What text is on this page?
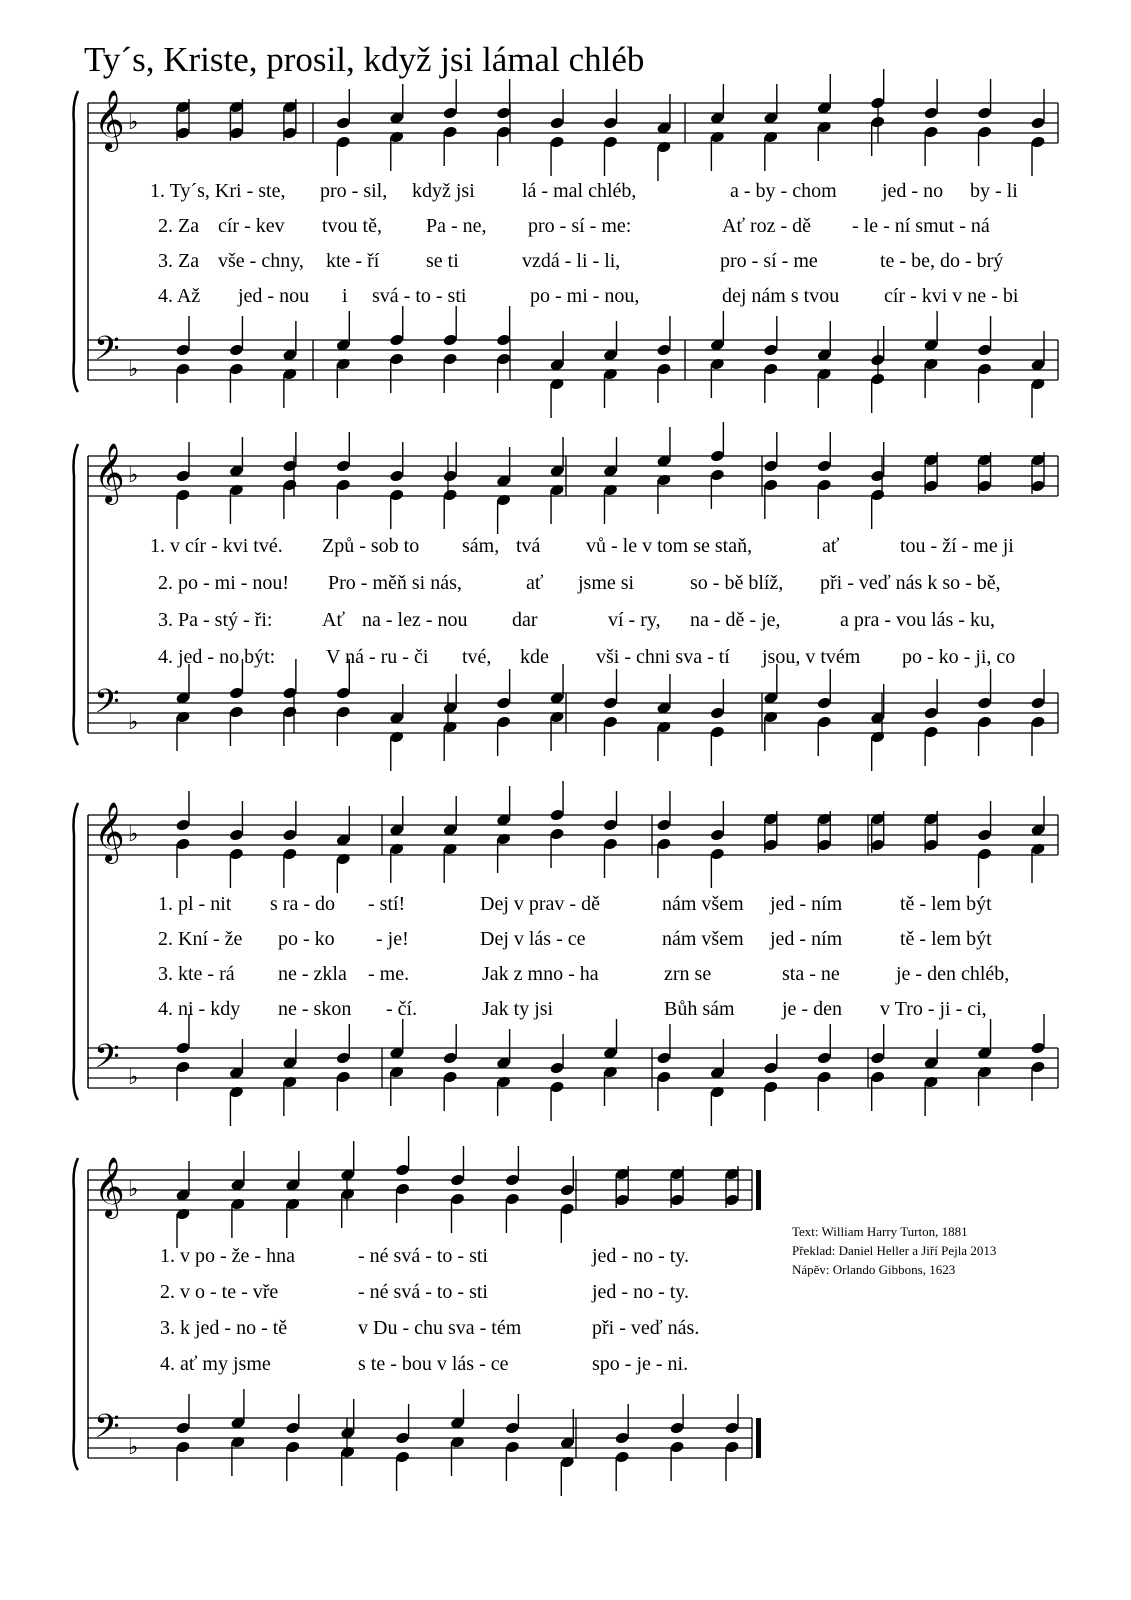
𝄞 ♭
𝄢 ♭
𝄞 ♭
𝄢 ♭
𝄞 ♭
𝄢 ♭
𝄞 ♭
𝄢 ♭
Ty´s, Kriste, prosil, když jsi lámal chléb
1. Ty´s, Kri - ste, pro - sil, když jsi lá - mal chléb,	a - by - chom jed - no by - li
2. Za cír - kev tvou tě, Pa - ne, pro - sí - me:	Ať roz - dě - le - ní smut - ná
3. Za vše - chny, kte - ří se ti	vzdá - li - li,	pro - sí - me	te - be, do - brý
4. Až jed - nou i svá - to - sti	po - mi - nou,	dej nám s tvou cír - kvi v ne - bi
1. v cír - kvi tvé. Způ - sob to sám, tvá vů - le v tom se staň,	ať	tou - ží - me ji
2. po - mi - nou! Pro - měň si nás,	ať jsme si	so - bě blíž, při - veď nás k so - bě,
3. Pa - stý - ři: Ať na - lez - nou dar	ví - ry, na - dě - je,	a pra - vou lás - ku,
4. jed - no být:	V ná - ru - či tvé, kde vši - chni sva - tí jsou, v tvém po - ko - ji, co
1. pl - nit s ra - do - stí!	Dej v prav - dě	nám všem jed - ním	tě - lem být
2. Kní - že po - ko - je!	Dej v lás - ce	nám všem jed - ním	tě - lem být
3. kte - rá ne - zkla - me.	Jak z mno - ha	zrn se	sta - ne	je - den chléb,
4. ni - kdy ne - skon - čí.	Jak ty jsi	Bůh sám je - den v Tro - ji - ci,
1. v po - že - hna	- né svá - to - sti	jed - no - ty.
2. v o - te - vře	- né svá - to - sti	jed - no - ty.
3. k jed - no - tě	v Du - chu sva - tém	při - veď nás.
4. ať my jsme	s te - bou v lás - ce	spo - je - ni.
Text: William Harry Turton, 1881
Překlad: Daniel Heller a Jiří Pejla 2013
Nápěv: Orlando Gibbons, 1623
